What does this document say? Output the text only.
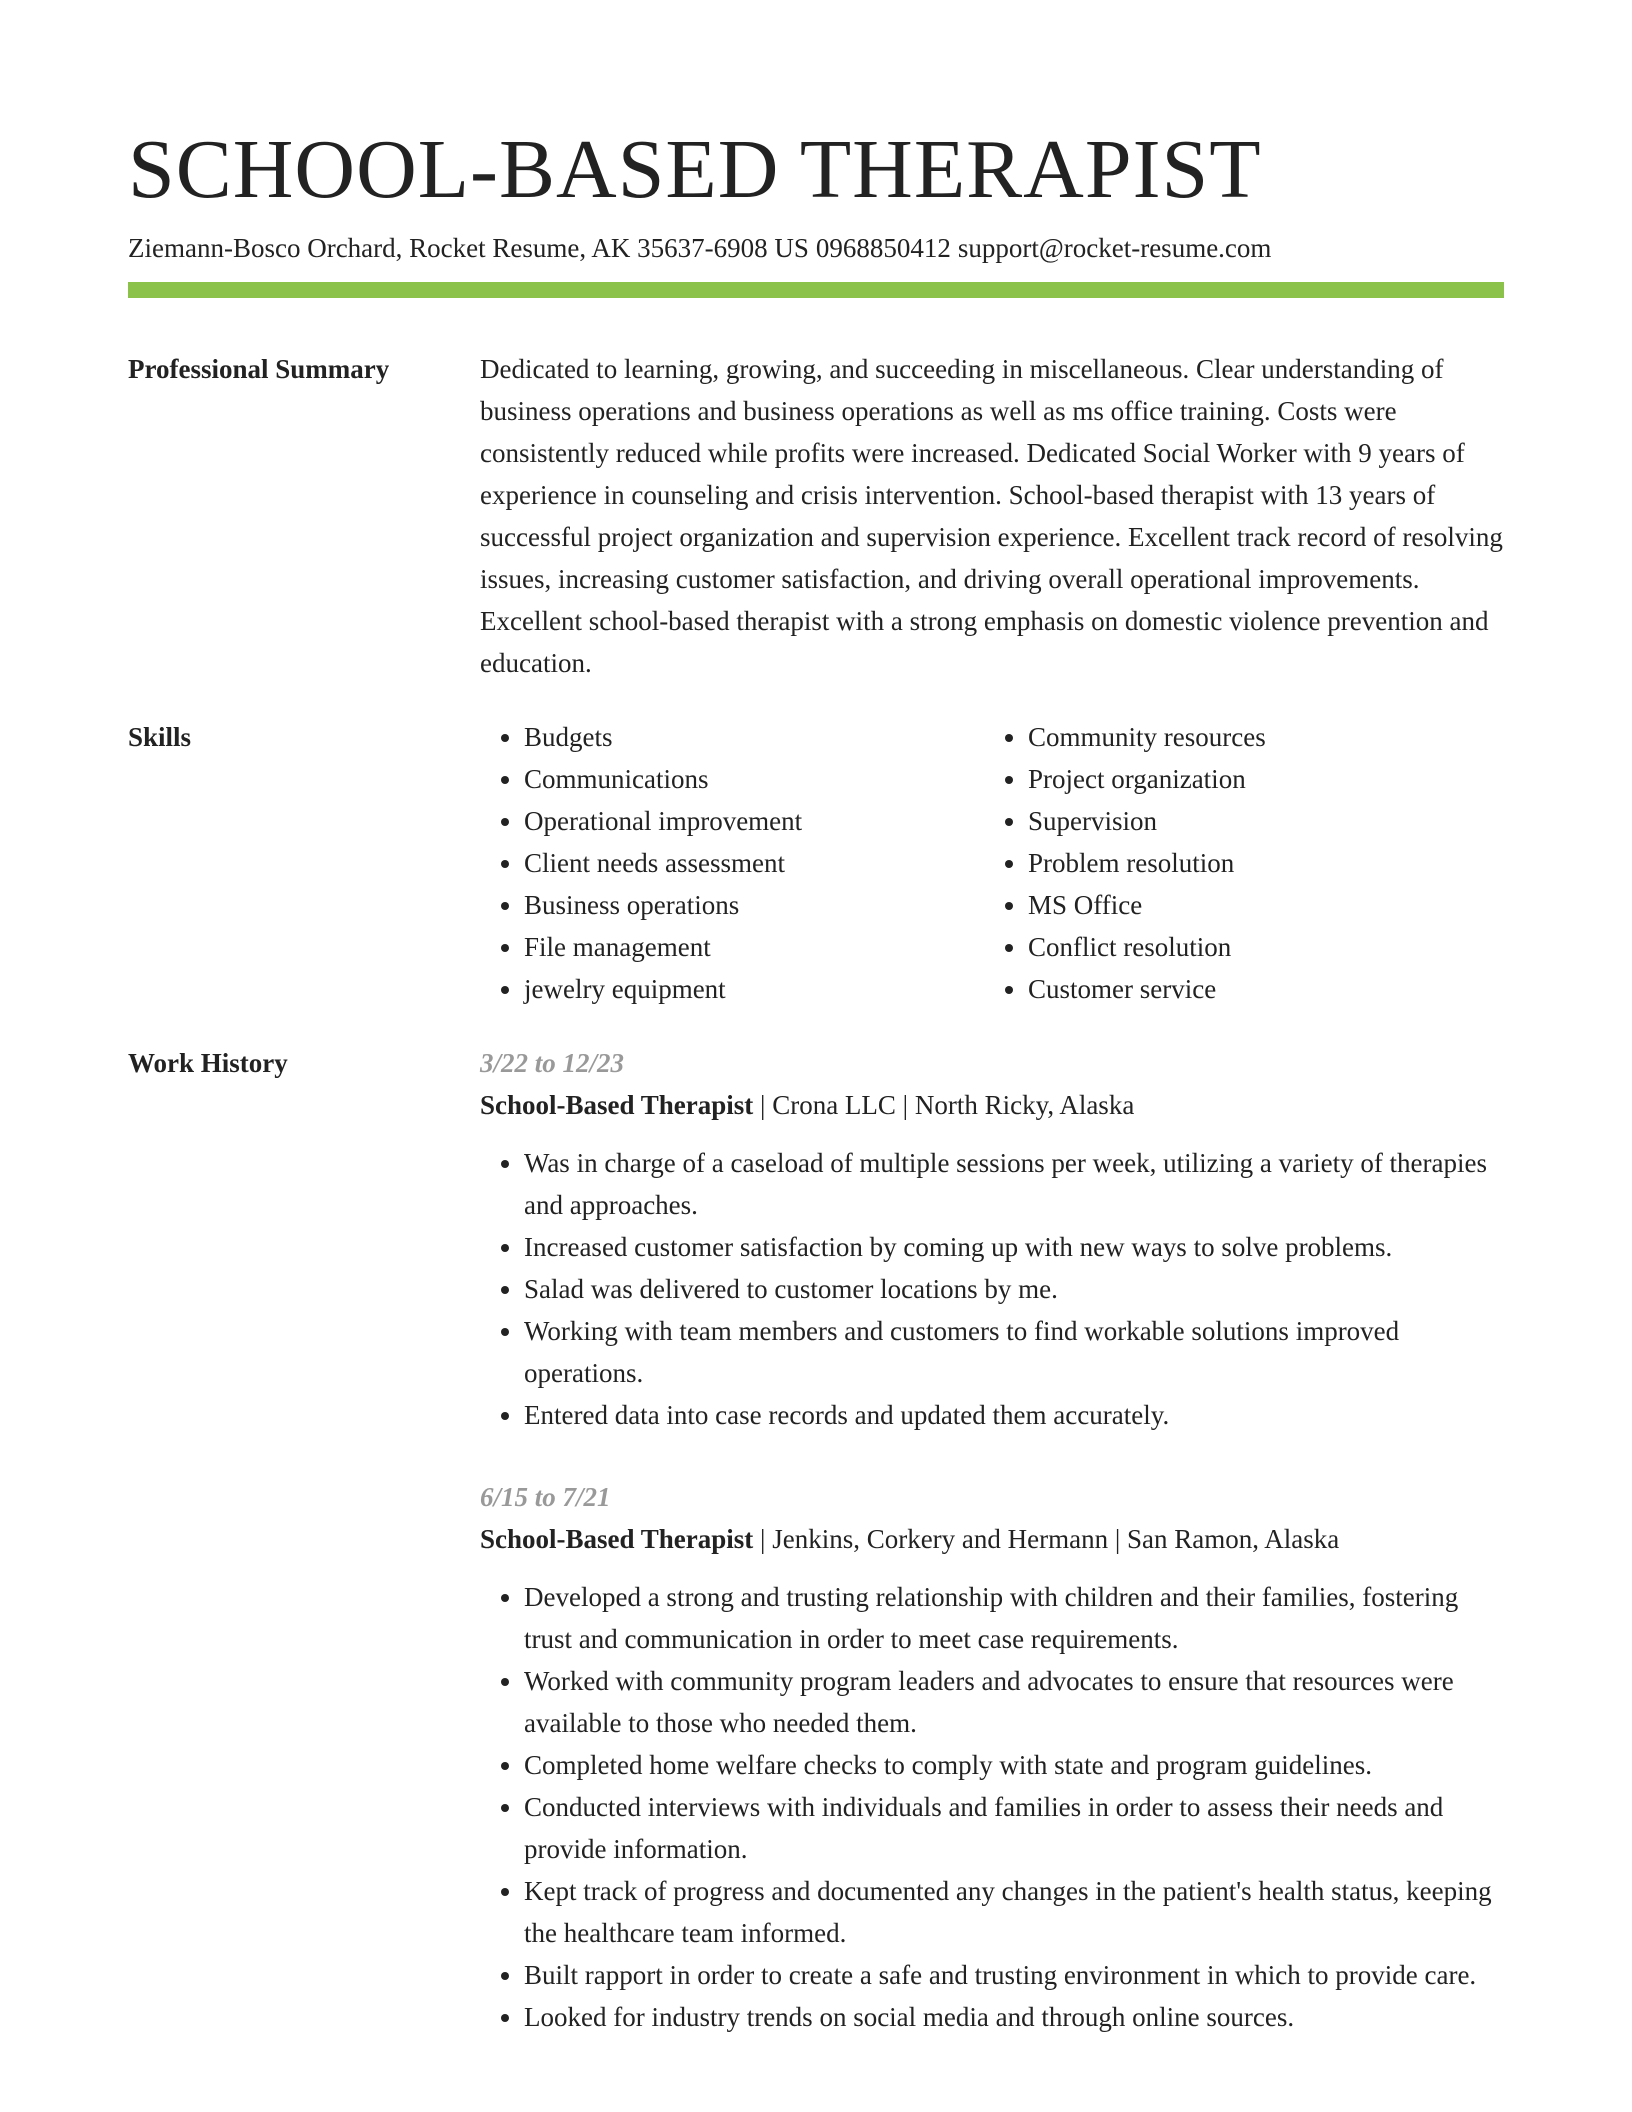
SCHOOL-BASED THERAPIST
Ziemann-Bosco Orchard, Rocket Resume, AK 35637-6908 US 0968850412 support@rocket-resume.com
Professional Summary	Dedicated to learning, growing, and succeeding in miscellaneous. Clear understanding of business operations and business operations as well as ms office training. Costs were consistently reduced while profits were increased. Dedicated Social Worker with 9 years of experience in counseling and crisis intervention. School-based therapist with 13 years of successful project organization and supervision experience. Excellent track record of resolving issues, increasing customer satisfaction, and driving overall operational improvements. Excellent school-based therapist with a strong emphasis on domestic violence prevention and education.

Skills
•	Budgets
• Communications
• Operational improvement
• Client needs assessment
• Business operations
• File management
• jewelry equipment
• Community resources
• Project organization
• Supervision
• Problem resolution
• MS Office
• Conflict resolution
• Customer service
Work History	3/22 to 12/23
School-Based Therapist | Crona LLC | North Ricky, Alaska
• Was in charge of a caseload of multiple sessions per week, utilizing a variety of therapies and approaches.
• Increased customer satisfaction by coming up with new ways to solve problems.
• Salad was delivered to customer locations by me.
• Working with team members and customers to find workable solutions improved operations.
• Entered data into case records and updated them accurately.
6/15 to 7/21
School-Based Therapist | Jenkins, Corkery and Hermann | San Ramon, Alaska
• Developed a strong and trusting relationship with children and their families, fostering trust and communication in order to meet case requirements.
• Worked with community program leaders and advocates to ensure that resources were available to those who needed them.
• Completed home welfare checks to comply with state and program guidelines.
• Conducted interviews with individuals and families in order to assess their needs and provide information.
• Kept track of progress and documented any changes in the patient's health status, keeping the healthcare team informed.
• Built rapport in order to create a safe and trusting environment in which to provide care.
• Looked for industry trends on social media and through online sources.
